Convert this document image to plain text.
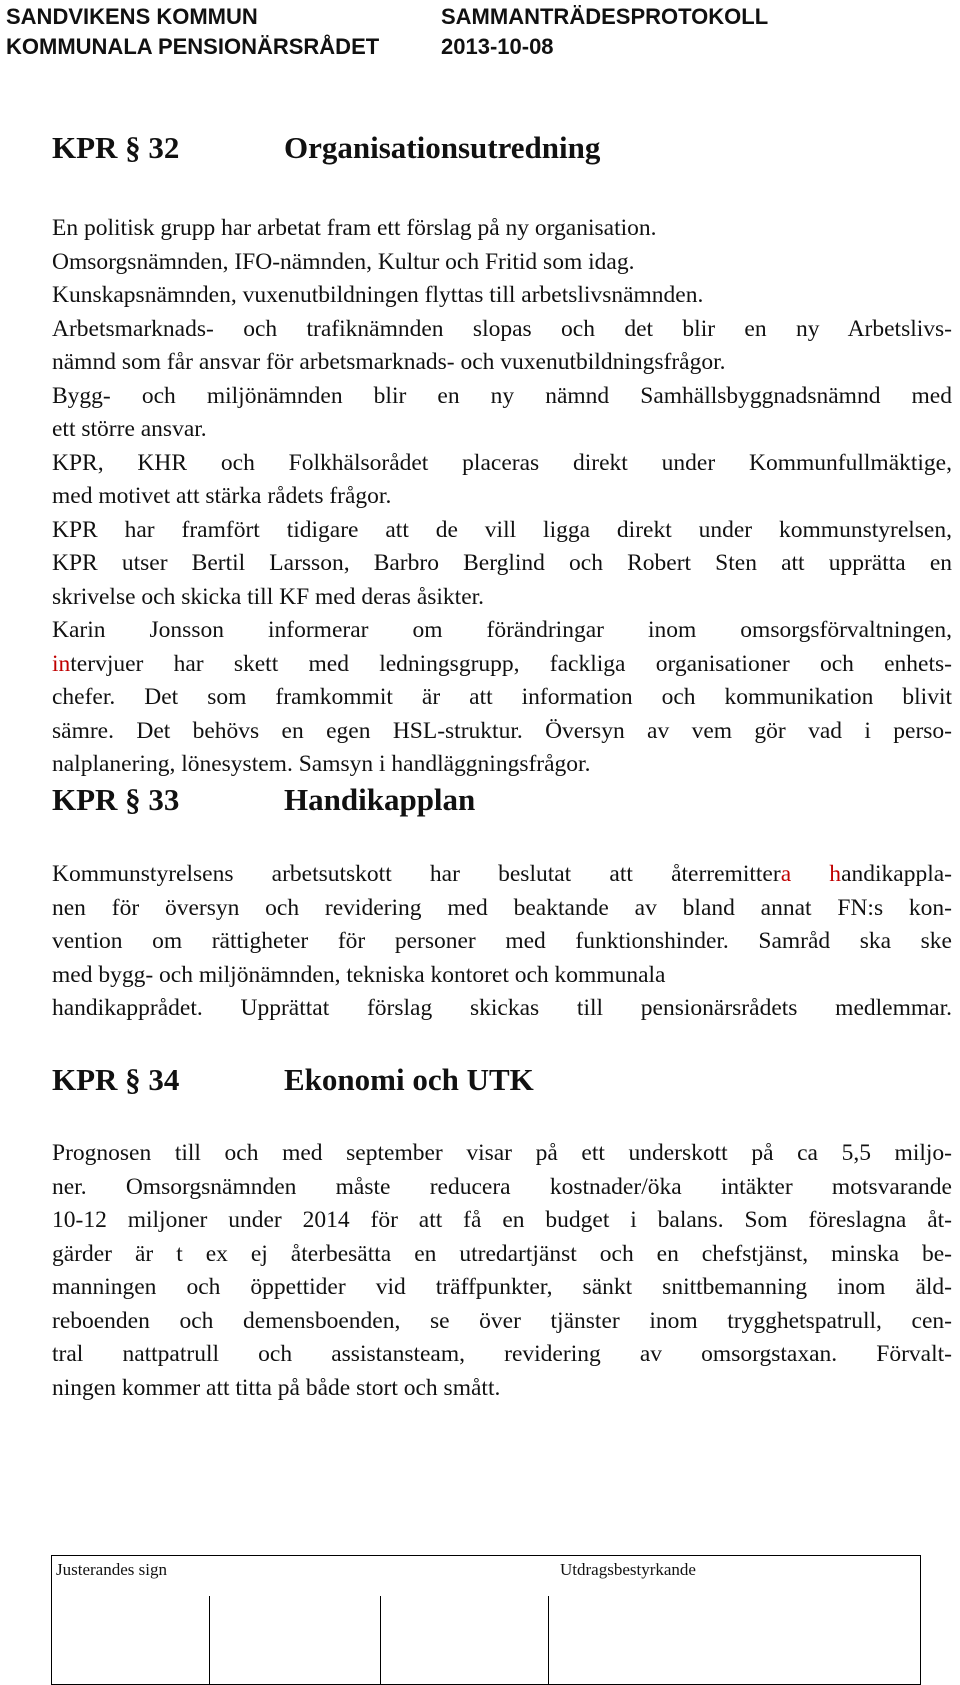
SANDVIKENS KOMMUN	SAMMANTRÄDESPROTOKOLL
KOMMUNALA PENSIONÄRSRÅDET	2013-10-08
KPR § 32	Organisationsutredning
En politisk grupp har arbetat fram ett förslag på ny organisation.
Omsorgsnämnden, IFO-nämnden, Kultur och Fritid som idag.
Kunskapsnämnden, vuxenutbildningen flyttas till arbetslivsnämnden.
Arbetsmarknads- och trafiknämnden slopas och det blir en ny Arbetslivs-
nämnd som får ansvar för arbetsmarknads- och vuxenutbildningsfrågor.
Bygg- och miljönämnden blir en ny nämnd Samhällsbyggnadsnämnd med
ett större ansvar.
KPR, KHR och Folkhälsorådet placeras direkt under Kommunfullmäktige,
med motivet att stärka rådets frågor.
KPR har framfört tidigare att de vill ligga direkt under kommunstyrelsen,
KPR utser Bertil Larsson, Barbro Berglind och Robert Sten att upprätta en
skrivelse och skicka till KF med deras åsikter.
Karin Jonsson informerar om förändringar inom omsorgsförvaltningen,
intervjuer har skett med ledningsgrupp, fackliga organisationer och enhets-
chefer. Det som framkommit är att information och kommunikation blivit
sämre. Det behövs en egen HSL-struktur. Översyn av vem gör vad i perso-
nalplanering, lönesystem. Samsyn i handläggningsfrågor.
KPR § 33	Handikapplan
Kommunstyrelsens arbetsutskott har beslutat att återremittera handikappla-
nen för översyn och revidering med beaktande av bland annat FN:s kon-
vention om rättigheter för personer med funktionshinder. Samråd ska ske
med bygg- och miljönämnden, tekniska kontoret och kommunala
handikapprådet. Upprättat förslag skickas till pensionärsrådets medlemmar.
KPR § 34	Ekonomi och UTK
Prognosen till och med september visar på ett underskott på ca 5,5 miljo-
ner. Omsorgsnämnden måste reducera kostnader/öka intäkter motsvarande
10-12 miljoner under 2014 för att få en budget i balans. Som föreslagna åt-
gärder är t ex ej återbesätta en utredartjänst och en chefstjänst, minska be-
manningen och öppettider vid träffpunkter, sänkt snittbemanning inom äld-
reboenden och demensboenden, se över tjänster inom trygghetspatrull, cen-
tral nattpatrull och assistansteam, revidering av omsorgstaxan. Förvalt-
ningen kommer att titta på både stort och smått.
Justerandes sign	Utdragsbestyrkande
